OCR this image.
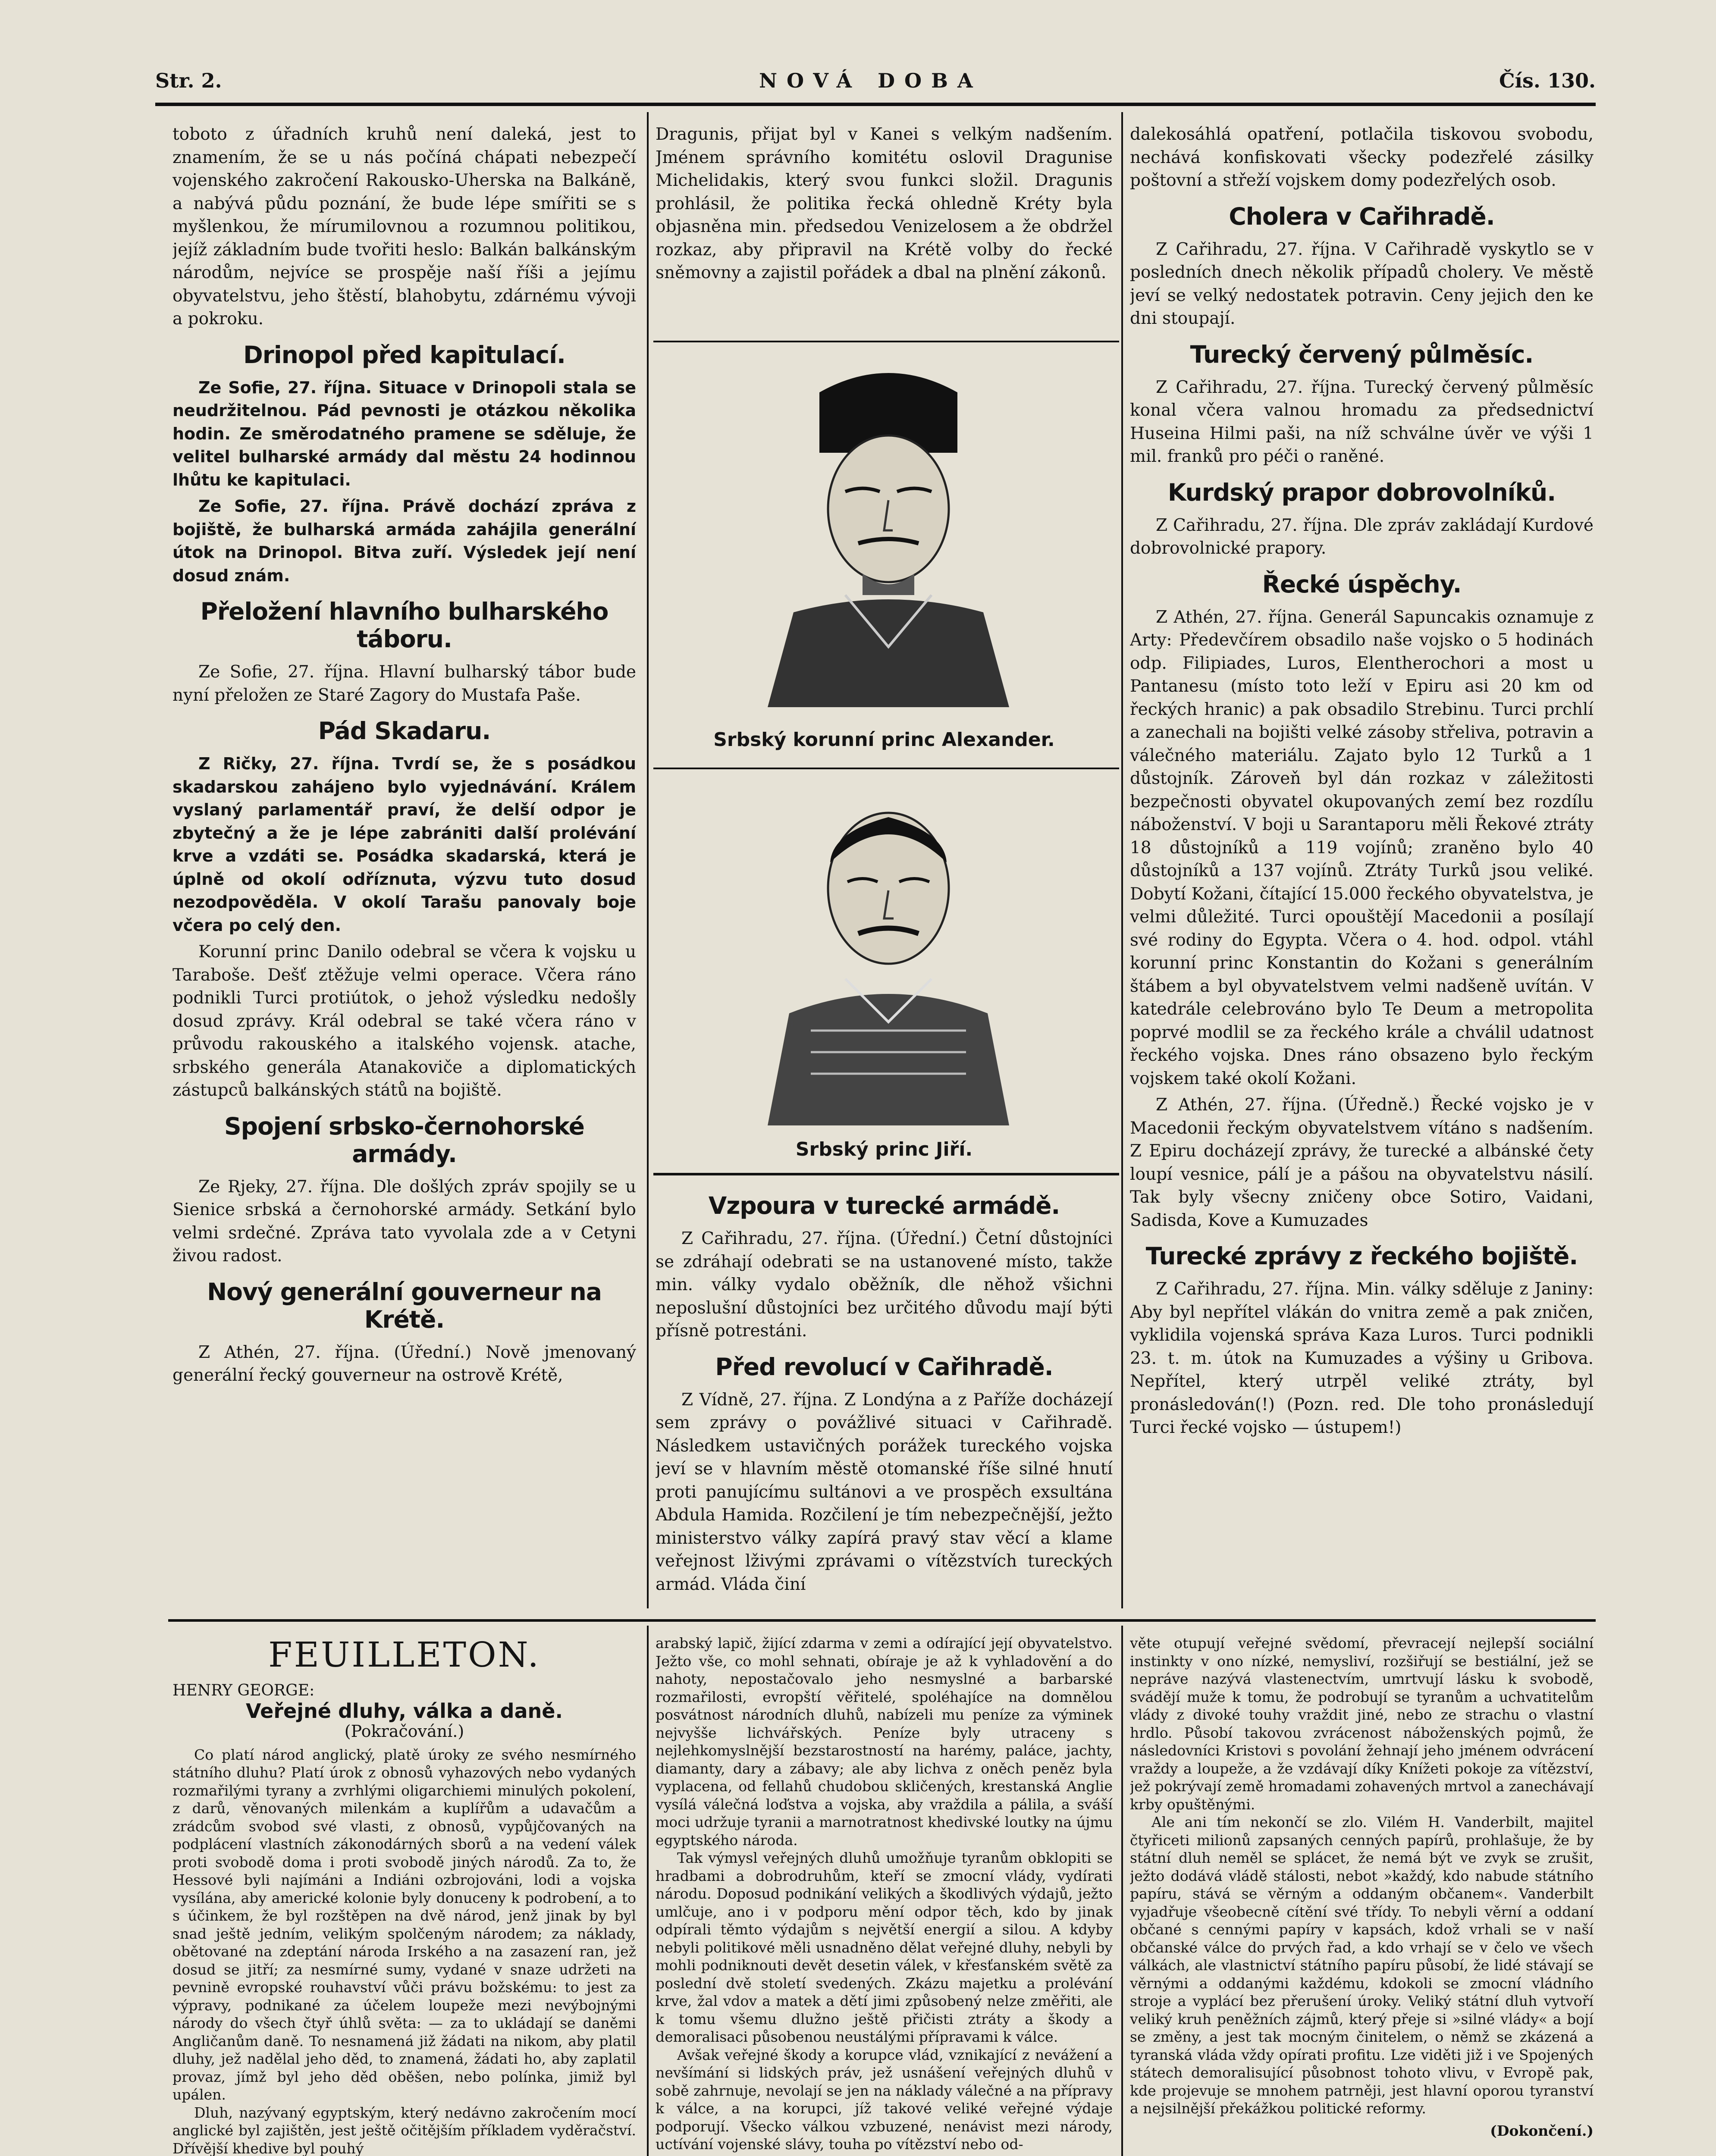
Str. 2.	NOVÁ DOBA	Čís. 130.

toboto z úřadních kruhů není daleká, jest to znamením, že se u nás počíná chápati nebezpečí vojenského zakročení Rakousko-Uherska na Balkáně, a nabývá půdu poznání, že bude lépe smířiti se s myšlenkou, že mírumilovnou a rozumnou politikou, jejíž základním bude tvořiti heslo: Balkán balkánským národům, nejvíce se prospěje naší říši a jejímu obyvatelstvu, jeho štěstí, blahobytu, zdárnému vývoji a pokroku.

Drinopol před kapitulací.

Ze Sofie, 27. října. Situace v Drinopoli stala se neudržitelnou. Pád pevnosti je otázkou několika hodin. Ze směrodatného pramene se sděluje, že velitel bulharské armády dal městu 24 hodinnou lhůtu ke kapitulaci.

Ze Sofie, 27. října. Právě dochází zpráva z bojiště, že bulharská armáda zahájila generální útok na Drinopol. Bitva zuří. Výsledek její není dosud znám.

Přeložení hlavního bulharského táboru.

Ze Sofie, 27. října. Hlavní bulharský tábor bude nyní přeložen ze Staré Zagory do Mustafa Paše.

Pád Skadaru.

Z Ričky, 27. října. Tvrdí se, že s posádkou skadarskou zahájeno bylo vyjednávání. Králem vyslaný parlamentář praví, že delší odpor je zbytečný a že je lépe zabrániti další prolévání krve a vzdáti se. Posádka skadarská, která je úplně od okolí odříznuta, výzvu tuto dosud nezodpověděla. V okolí Tarašu panovaly boje včera po celý den.

Korunní princ Danilo odebral se včera k vojsku u Taraboše. Dešť ztěžuje velmi operace. Včera ráno podnikli Turci protiútok, o jehož výsledku nedošly dosud zprávy. Král odebral se také včera ráno v průvodu rakouského a italského vojensk. atache, srbského generála Atanakoviče a diplomatických zástupců balkánských států na bojiště.

Spojení srbsko-černohorské armády.

Ze Rjeky, 27. října. Dle došlých zpráv spojily se u Sienice srbská a černohorské armády. Setkání bylo velmi srdečné. Zpráva tato vyvolala zde a v Cetyni živou radost.

Nový generální gouverneur na Krétě.

Z Athén, 27. října. (Úřední.) Nově jmenovaný generální řecký gouverneur na ostrově Krétě,

Dragunis, přijat byl v Kanei s velkým nadšením. Jménem správního komitétu oslovil Dragunise Michelidakis, který svou funkci složil. Dragunis prohlásil, že politika řecká ohledně Kréty byla objasněna min. předsedou Venizelosem a že obdržel rozkaz, aby připravil na Krétě volby do řecké sněmovny a zajistil pořádek a dbal na plnění zákonů.

Srbský korunní princ Alexander.
Srbský princ Jiří.
Vzpoura v turecké armádě.

Z Cařihradu, 27. října. (Úřední.) Četní důstojníci se zdráhají odebrati se na ustanovené místo, takže min. války vydalo oběžník, dle něhož všichni neposlušní důstojníci bez určitého důvodu mají býti přísně potrestáni.

Před revolucí v Cařihradě.

Z Vídně, 27. října. Z Londýna a z Paříže docházejí sem zprávy o povážlivé situaci v Cařihradě. Následkem ustavičných porážek tureckého vojska jeví se v hlavním městě otomanské říše silné hnutí proti panujícímu sultánovi a ve prospěch exsultána Abdula Hamida. Rozčilení je tím nebezpečnější, ježto ministerstvo války zapírá pravý stav věcí a klame veřejnost lživými zprávami o vítězstvích tureckých armád. Vláda činí

dalekosáhlá opatření, potlačila tiskovou svobodu, nechává konfiskovati všecky podezřelé zásilky poštovní a střeží vojskem domy podezřelých osob.

Cholera v Cařihradě.

Z Cařihradu, 27. října. V Cařihradě vyskytlo se v posledních dnech několik případů cholery. Ve městě jeví se velký nedostatek potravin. Ceny jejich den ke dni stoupají.

Turecký červený půlměsíc.

Z Cařihradu, 27. října. Turecký červený půlměsíc konal včera valnou hromadu za předsednictví Huseina Hilmi paši, na níž schválne úvěr ve výši 1 mil. franků pro péči o raněné.

Kurdský prapor dobrovolníků.

Z Cařihradu, 27. října. Dle zpráv zakládají Kurdové dobrovolnické prapory.

Řecké úspěchy.

Z Athén, 27. října. Generál Sapuncakis oznamuje z Arty: Předevčírem obsadilo naše vojsko o 5 hodinách odp. Filipiades, Luros, Elentherochori a most u Pantanesu (místo toto leží v Epiru asi 20 km od řeckých hranic) a pak obsadilo Strebinu. Turci prchlí a zanechali na bojišti velké zásoby střeliva, potravin a válečného materiálu. Zajato bylo 12 Turků a 1 důstojník. Zároveň byl dán rozkaz v záležitosti bezpečnosti obyvatel okupovaných zemí bez rozdílu náboženství. V boji u Sarantaporu měli Řekové ztráty 18 důstojníků a 119 vojínů; zraněno bylo 40 důstojníků a 137 vojínů. Ztráty Turků jsou veliké. Dobytí Kožani, čítající 15.000 řeckého obyvatelstva, je velmi důležité. Turci opouštějí Macedonii a posílají své rodiny do Egypta. Včera o 4. hod. odpol. vtáhl korunní princ Konstantin do Kožani s generálním štábem a byl obyvatelstvem velmi nadšeně uvítán. V katedrále celebrováno bylo Te Deum a metropolita poprvé modlil se za řeckého krále a chválil udatnost řeckého vojska. Dnes ráno obsazeno bylo řeckým vojskem také okolí Kožani.

Z Athén, 27. října. (Úředně.) Řecké vojsko je v Macedonii řeckým obyvatelstvem vítáno s nadšením. Z Epiru docházejí zprávy, že turecké a albánské čety loupí vesnice, pálí je a pášou na obyvatelstvu násilí. Tak byly všecny zničeny obce Sotiro, Vaidani, Sadisda, Kove a Kumuzades

Turecké zprávy z řeckého bojiště.

Z Cařihradu, 27. října. Min. války sděluje z Janiny: Aby byl nepřítel vlákán do vnitra země a pak zničen, vyklidila vojenská správa Kaza Luros. Turci podnikli 23. t. m. útok na Kumuzades a výšiny u Gribova. Nepřítel, který utrpěl veliké ztráty, byl pronásledován(!) (Pozn. red. Dle toho pronásledují Turci řecké vojsko — ústupem!)

FEUILLETON.
HENRY GEORGE:
Veřejné dluhy, válka a daně.
(Pokračování.)

Co platí národ anglický, platě úroky ze svého nesmírného státního dluhu? Platí úrok z obnosů vyhazových nebo vydaných rozmařilými tyrany a zvrhlými oligarchiemi minulých pokolení, z darů, věnovaných milenkám a kuplířům a udavačům a zrádcům svobod své vlasti, z obnosů, vypůjčovaných na podplácení vlastních zákonodárných sborů a na vedení válek proti svobodě doma i proti svobodě jiných národů. Za to, že Hessové byli najímáni a Indiáni ozbrojováni, lodi a vojska vysílána, aby americké kolonie byly donuceny k podrobení, a to s účinkem, že byl rozštěpen na dvě národ, jenž jinak by byl snad ještě jedním, velikým spolčeným národem; za náklady, obětované na zdeptání národa Irského a na zasazení ran, jež dosud se jitří; za nesmírné sumy, vydané v snaze udržeti na pevnině evropské rouhavství vůči právu božskému: to jest za výpravy, podnikané za účelem loupeže mezi nevýbojnými národy do všech čtyř úhlů světa: — za to ukládají se daněmi Angličanům daně. To nesnamená již žádati na nikom, aby platil dluhy, jež nadělal jeho děd, to znamená, žádati ho, aby zaplatil provaz, jímž byl jeho děd oběšen, nebo polínka, jimiž byl upálen.

Dluh, nazývaný egyptským, který nedávno zakročením mocí anglické byl zajištěn, jest ještě očitějším příkladem vyděračství. Dřívější khedive byl pouhý

arabský lapič, žijící zdarma v zemi a odírající její obyvatelstvo. Ježto vše, co mohl sehnati, obíraje je až k vyhladovění a do nahoty, nepostačovalo jeho nesmyslné a barbarské rozmařilosti, evropští věřitelé, spoléhajíce na domnělou posvátnost národních dluhů, nabízeli mu peníze za výminek nejvyšše lichvářských. Peníze byly utraceny s nejlehkomyslnější bezstarostností na harémy, paláce, jachty, diamanty, dary a zábavy; ale aby lichva z oněch peněz byla vyplacena, od fellahů chudobou skličených, krestanská Anglie vysílá válečná loďstva a vojska, aby vraždila a pálila, a sváší moci udržuje tyranii a marnotratnost khedivské loutky na újmu egyptského národa.

Tak výmysl veřejných dluhů umožňuje tyranům obklopiti se hradbami a dobrodruhům, kteří se zmocní vlády, vydírati národu. Doposud podnikání velikých a škodlivých výdajů, ježto umlčuje, ano i v podporu mění odpor těch, kdo by jinak odpírali těmto výdajům s největší energií a silou. A kdyby nebyli politikové měli usnadněno dělat veřejné dluhy, nebyli by mohli podniknouti devět desetin válek, v křesťanském světě za poslední dvě století svedených. Zkázu majetku a prolévání krve, žal vdov a matek a dětí jimi způsobený nelze změřiti, ale k tomu všemu dlužno ještě přičisti ztráty a škody a demoralisaci působenou neustálými přípravami k válce.

Avšak veřejné škody a korupce vlád, vznikající z nevážení a nevšímání si lidských práv, jež usnášení veřejných dluhů v sobě zahrnuje, nevolají se jen na náklady válečné a na přípravy k válce, a na korupci, jíž takové veliké veřejné výdaje podporují. Všecko válkou vzbuzené, nenávist mezi národy, uctívání vojenské slávy, touha po vítězství nebo od-

věte otupují veřejné svědomí, převracejí nejlepší sociální instinkty v ono nízké, nemysliví, rozšiřují se bestiální, jež se nepráve nazývá vlastenectvím, umrtvují lásku k svobodě, svádějí muže k tomu, že podrobují se tyranům a uchvatitelům vlády z divoké touhy vraždit jiné, nebo ze strachu o vlastní hrdlo. Působí takovou zvrácenost náboženských pojmů, že následovníci Kristovi s povolání žehnají jeho jménem odvrácení vraždy a loupeže, a že vzdávají díky Knížeti pokoje za vítězství, jež pokrývají země hromadami zohavených mrtvol a zanechávají krby opuštěnými.

Ale ani tím nekončí se zlo. Vilém H. Vanderbilt, majitel čtyřiceti milionů zapsaných cenných papírů, prohlašuje, že by státní dluh neměl se splácet, že nemá být ve zvyk se zrušit, ježto dodává vládě stálosti, nebot »každý, kdo nabude státního papíru, stává se věrným a oddaným občanem«. Vanderbilt vyjadřuje všeobecně cítění své třídy. To nebyli věrní a oddaní občané s cennými papíry v kapsách, kdož vrhali se v naší občanské válce do prvých řad, a kdo vrhají se v čelo ve všech válkách, ale vlastnictví státního papíru působí, že lidé stávají se věrnými a oddanými každému, kdokoli se zmocní vládního stroje a vyplácí bez přerušení úroky. Veliký státní dluh vytvoří veliký kruh peněžních zájmů, který přeje si »silné vlády« a bojí se změny, a jest tak mocným činitelem, o němž se zkázená a tyranská vláda vždy opírati profitu. Lze viděti již i ve Spojených státech demoralisující působnost tohoto vlivu, v Evropě pak, kde projevuje se mnohem patrněji, jest hlavní oporou tyranství a nejsilnější překážkou politické reformy.

(Dokončení.)
